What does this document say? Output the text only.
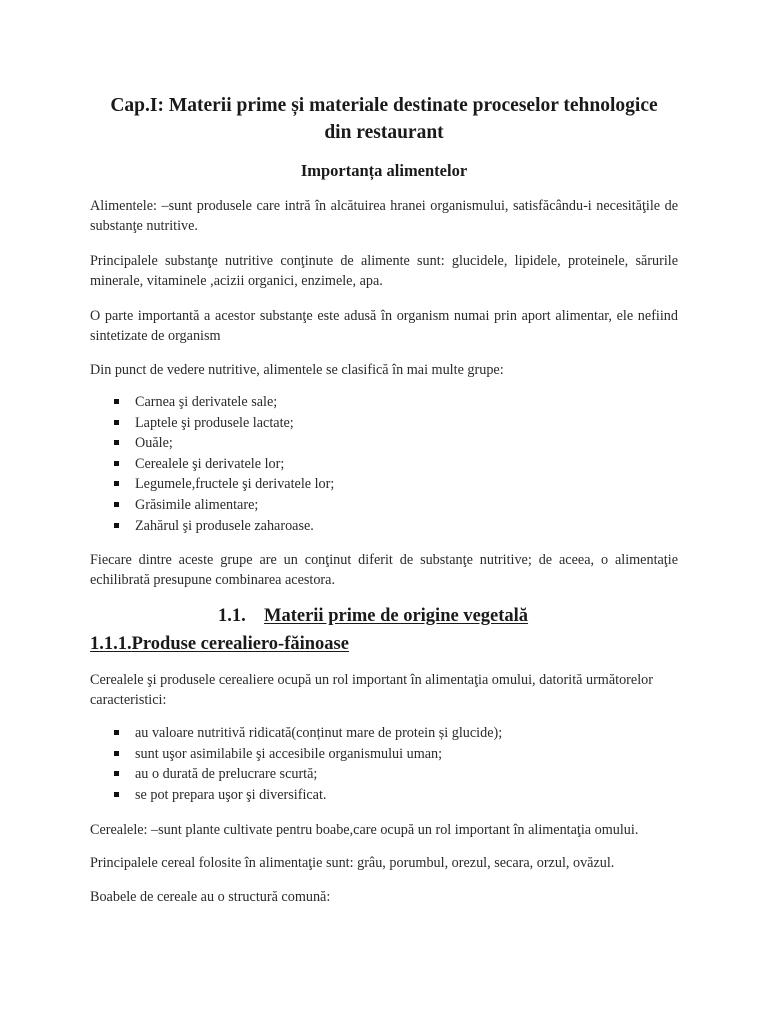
Cap.I: Materii prime și materiale destinate proceselor tehnologice
din restaurant
Importanța alimentelor
Alimentele: –sunt produsele care intră în alcătuirea hranei organismului, satisfăcându-i necesităţile de substanţe nutritive.
Principalele substanţe nutritive conţinute de alimente sunt: glucidele, lipidele, proteinele, sărurile minerale, vitaminele ,acizii organici, enzimele, apa.
O parte importantă a acestor substanţe este adusă în organism numai prin aport alimentar, ele nefiind sintetizate de organism
Din punct de vedere nutritive, alimentele se clasifică în mai multe grupe:
Carnea şi derivatele sale;
Laptele şi produsele lactate;
Ouăle;
Cerealele şi derivatele lor;
Legumele,fructele şi derivatele lor;
Grăsimile alimentare;
Zahărul şi produsele zaharoase.
Fiecare dintre aceste grupe are un conţinut diferit de substanţe nutritive; de aceea, o alimentaţie echilibrată presupune combinarea acestora.
1.1. Materii prime de origine vegetală
1.1.1.Produse cerealiero-făinoase
Cerealele şi produsele cerealiere ocupă un rol important în alimentaţia omului, datorită următorelor caracteristici:
au valoare nutritivă ridicată(conținut mare de protein și glucide);
sunt uşor asimilabile şi accesibile organismului uman;
au o durată de prelucrare scurtă;
se pot prepara uşor şi diversificat.
Cerealele: –sunt plante cultivate pentru boabe,care ocupă un rol important în alimentaţia omului.
Principalele cereal folosite în alimentaţie sunt: grâu, porumbul, orezul, secara, orzul, ovăzul.
Boabele de cereale au o structură comună:
